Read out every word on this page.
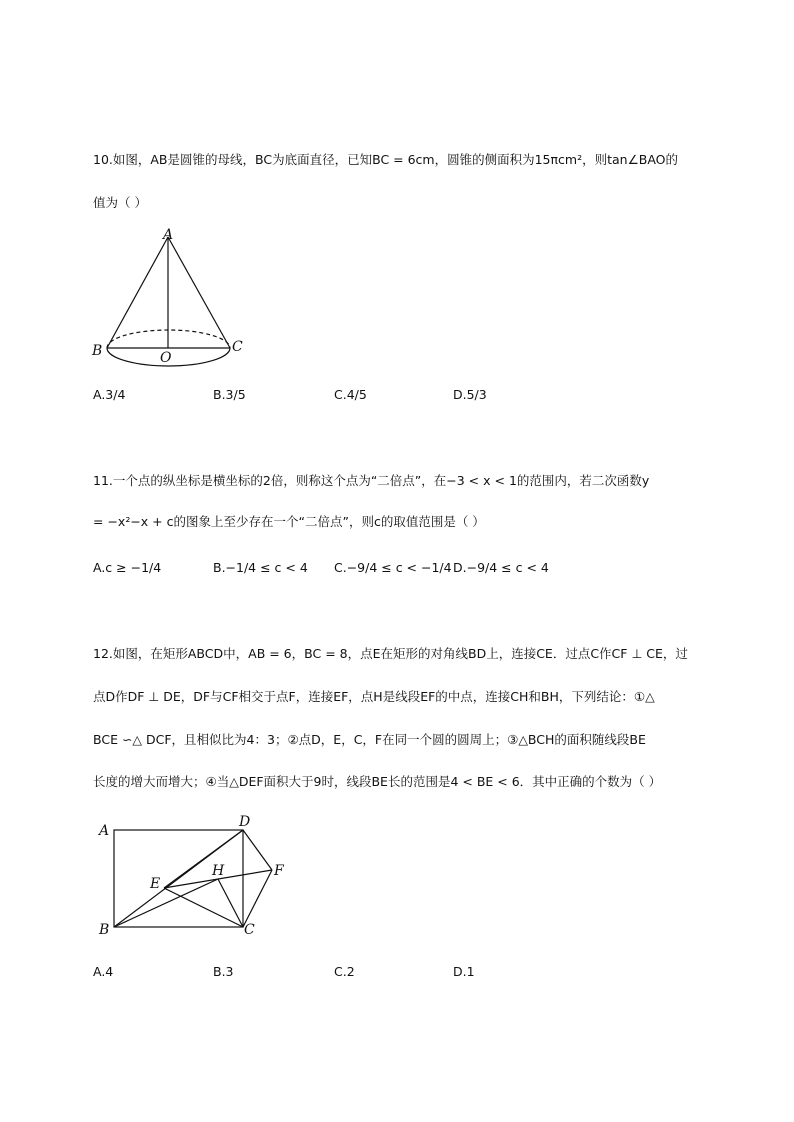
10.如图，AB是圆锥的母线，BC为底面直径，已知BC = 6cm，圆锥的侧面积为15πcm²，则tan∠BAO的
值为（ ）
A
B	C
O
A.3/4	B.3/5	C.4/5	D.5/3
11.一个点的纵坐标是横坐标的2倍，则称这个点为“二倍点”，在−3 < x < 1的范围内，若二次函数y
= −x²−x + c的图象上至少存在一个“二倍点”，则c的取值范围是（ ）
A.c ≥ −1/4	B.−1/4 ≤ c < 4 C.−9/4 ≤ c < −1/4 D.−9/4 ≤ c < 4
12.如图，在矩形ABCD中，AB = 6，BC = 8，点E在矩形的对角线BD上，连接CE．过点C作CF ⊥ CE，过
点D作DF ⊥ DE，DF与CF相交于点F，连接EF，点H是线段EF的中点，连接CH和BH，下列结论：①△
BCE ∽△ DCF，且相似比为4：3；②点D，E，C，F在同一个圆的圆周上；③△BCH的面积随线段BE
长度的增大而增大；④当△DEF面积大于9时，线段BE长的范围是4 < BE < 6．其中正确的个数为（ ）
A
D
B	C
E
F
H
A.4	B.3	C.2	D.1
